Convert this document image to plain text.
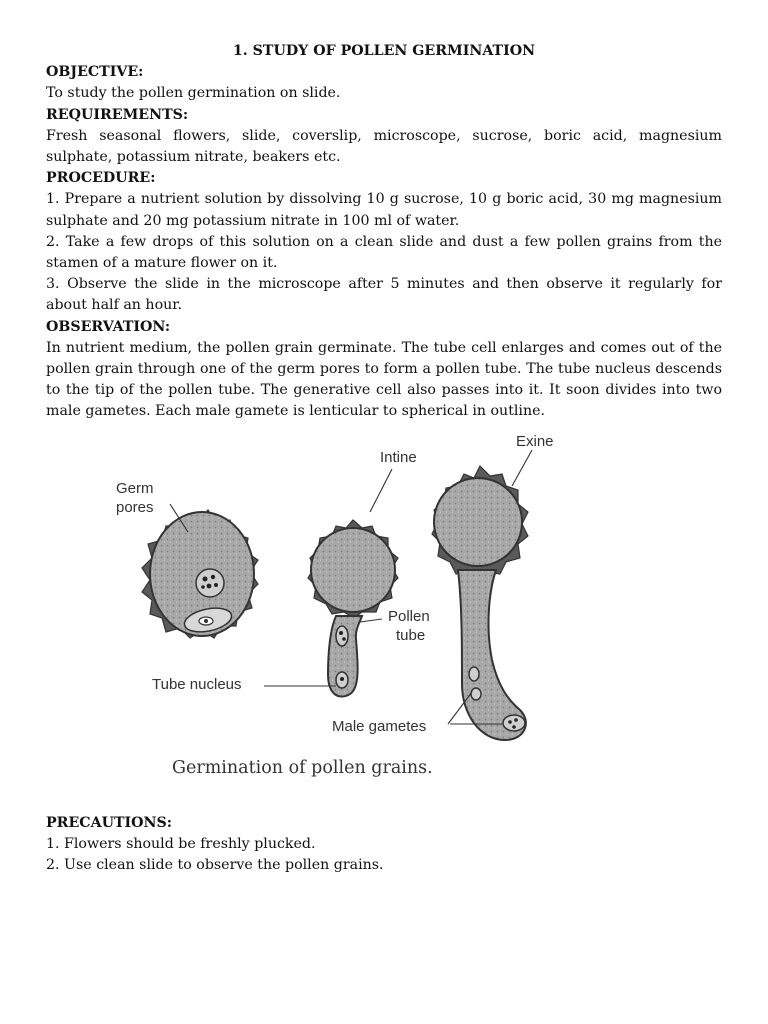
1. STUDY OF POLLEN GERMINATION

OBJECTIVE:

To study the pollen germination on slide.

REQUIREMENTS:

Fresh seasonal flowers, slide, coverslip, microscope, sucrose, boric acid, magnesium sulphate, potassium nitrate, beakers etc.

PROCEDURE:

1. Prepare a nutrient solution by dissolving 10 g sucrose, 10 g boric acid, 30 mg magnesium sulphate and 20 mg potassium nitrate in 100 ml of water.

2. Take a few drops of this solution on a clean slide and dust a few pollen grains from the stamen of a mature flower on it.

3. Observe the slide in the microscope after 5 minutes and then observe it regularly for about half an hour.

OBSERVATION:

In nutrient medium, the pollen grain germinate. The tube cell enlarges and comes out of the pollen grain through one of the germ pores to form a pollen tube. The tube nucleus descends to the tip of the pollen tube. The generative cell also passes into it. It soon divides into two male gametes. Each male gamete is lenticular to spherical in outline.

Germ
pores
Intine
Exine
Pollen
tube
Tube nucleus
Male gametes
Germination of pollen grains.

PRECAUTIONS:

1. Flowers should be freshly plucked.

2. Use clean slide to observe the pollen grains.
